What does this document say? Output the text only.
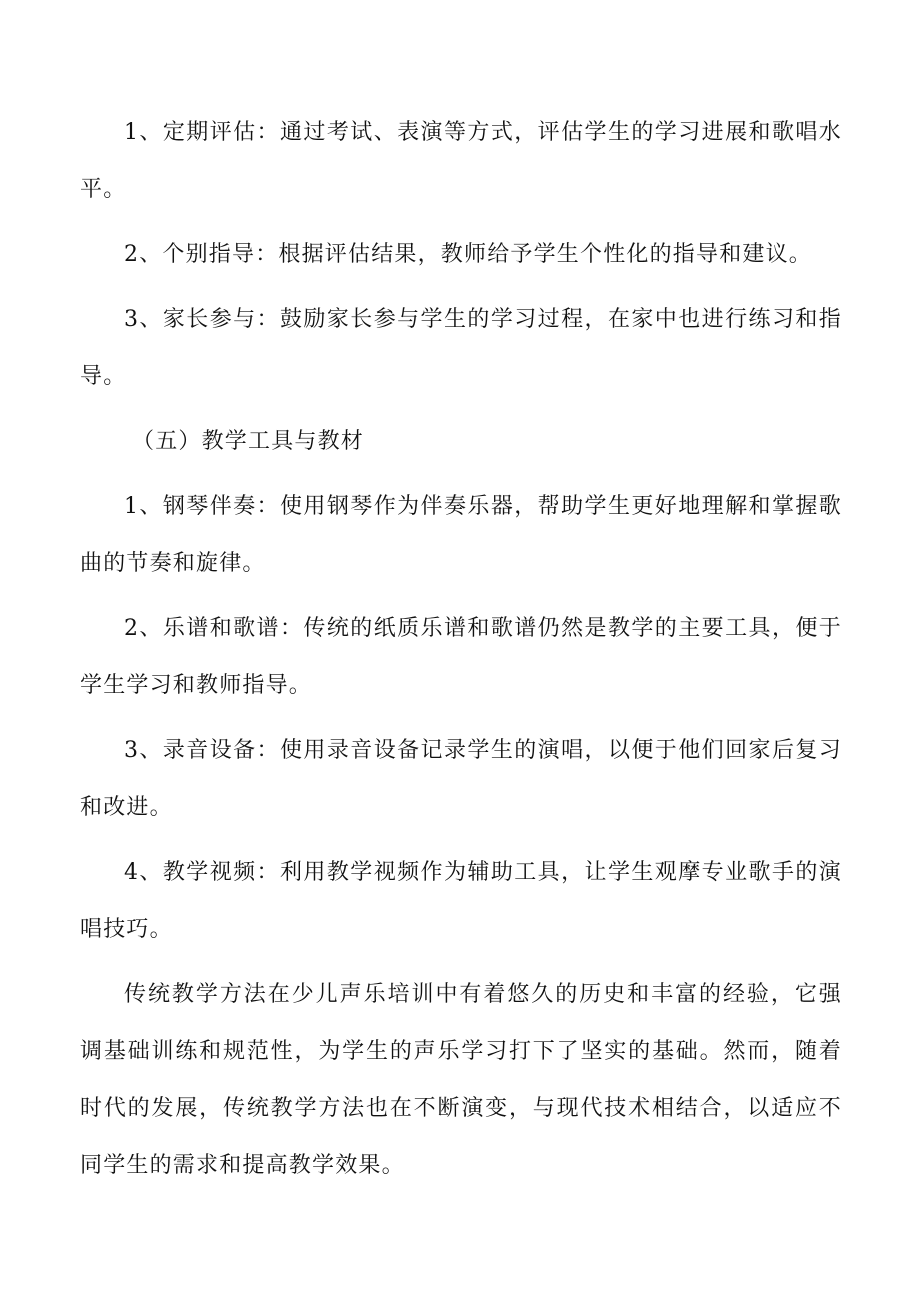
1、定期评估：通过考试、表演等方式，评估学生的学习进展和歌唱水平。

2、个别指导：根据评估结果，教师给予学生个性化的指导和建议。

3、家长参与：鼓励家长参与学生的学习过程，在家中也进行练习和指导。

（五）教学工具与教材

1、钢琴伴奏：使用钢琴作为伴奏乐器，帮助学生更好地理解和掌握歌曲的节奏和旋律。

2、乐谱和歌谱：传统的纸质乐谱和歌谱仍然是教学的主要工具，便于学生学习和教师指导。

3、录音设备：使用录音设备记录学生的演唱，以便于他们回家后复习和改进。

4、教学视频：利用教学视频作为辅助工具，让学生观摩专业歌手的演唱技巧。

传统教学方法在少儿声乐培训中有着悠久的历史和丰富的经验，它强调基础训练和规范性，为学生的声乐学习打下了坚实的基础。然而，随着时代的发展，传统教学方法也在不断演变，与现代技术相结合，以适应不同学生的需求和提高教学效果。
